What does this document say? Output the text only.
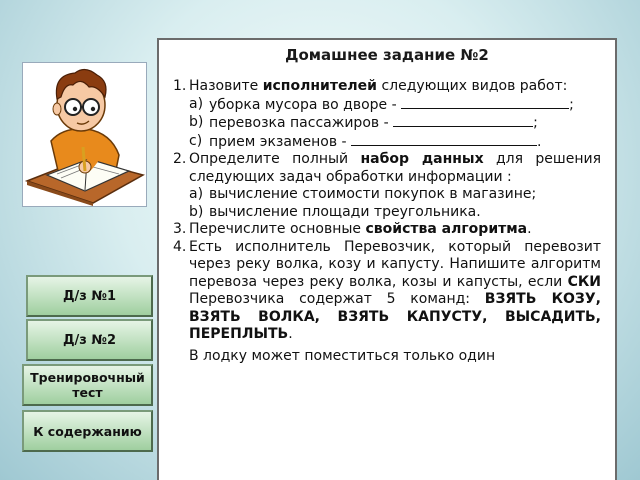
Домашнее задание №2
1. Назовите исполнителей следующих видов работ:
a) уборка мусора во дворе -	;
b) перевозка пассажиров -	;
c) прием экзаменов -	.
2. Определите полный набор данных для решения следующих задач обработки информации :
a) вычисление стоимости покупок в магазине;
b) вычисление площади треугольника.
3. Перечислите основные свойства алгоритма.
4. Есть исполнитель Перевозчик, который перевозит через реку волка, козу и капусту. Напишите алгоритм перевоза через реку волка, козы и капусты, если СКИ Перевозчика содержат 5 команд: ВЗЯТЬ КОЗУ, ВЗЯТЬ ВОЛКА, ВЗЯТЬ КАПУСТУ, ВЫСАДИТЬ, ПЕРЕПЛЫТЬ.
В лодку может поместиться только один
Д/з №1
Д/з №2
Тренировочный тест
К содержанию
